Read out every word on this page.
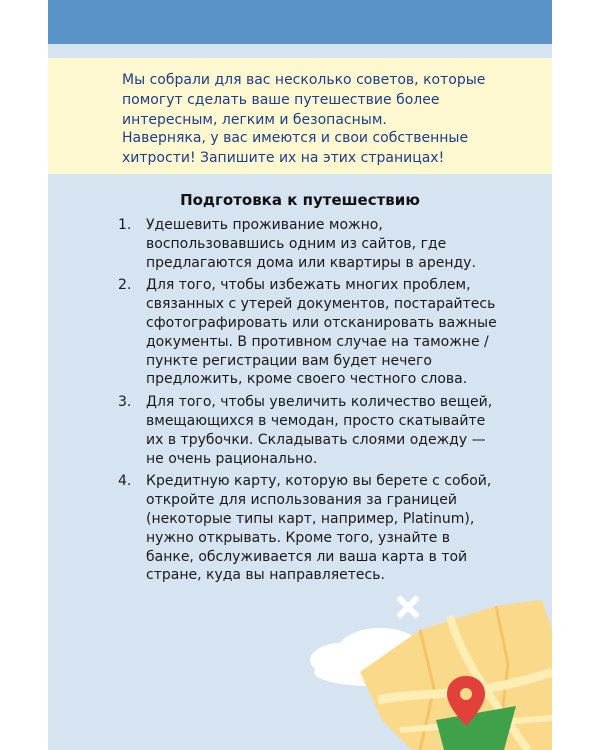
Мы собрали для вас несколько советов, которые помогут сделать ваше путешествие более интересным, легким и безопасным.

Наверняка, у вас имеются и свои собственные хитрости! Запишите их на этих страницах!

Подготовка к путешествию
1. Удешевить проживание можно, воспользовавшись одним из сайтов, где предлагаются дома или квартиры в аренду.
2. Для того, чтобы избежать многих проблем, связанных с утерей документов, постарайтесь сфотографировать или отсканировать важные документы. В противном случае на таможне / пункте регистрации вам будет нечего предложить, кроме своего честного слова.
3. Для того, чтобы увеличить количество вещей, вмещающихся в чемодан, просто скатывайте их в трубочки. Складывать слоями одежду — не очень рационально.
4. Кредитную карту, которую вы берете с собой, откройте для использования за границей (некоторые типы карт, например, Platinum), нужно открывать. Кроме того, узнайте в банке, обслуживается ли ваша карта в той стране, куда вы направляетесь.
